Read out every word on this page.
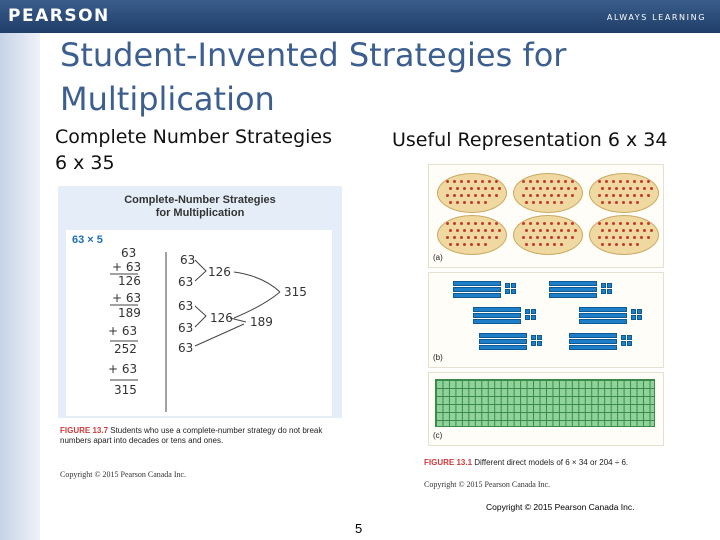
PEARSON	ALWAYS LEARNING
Student-Invented Strategies for Multiplication
Complete Number Strategies
6 x 35
Useful Representation 6 x 34
Complete-Number Strategies
for Multiplication
63 × 5
63
+ 63
126
+ 63
189
+ 63
252
+ 63
315
63
63
63
63
63
126
126 189
315
FIGURE 13.7 Students who use a complete-number strategy do not break numbers apart into decades or tens and ones.
Copyright © 2015 Pearson Canada Inc.
(a)
(b)
(c)
FIGURE 13.1 Different direct models of 6 × 34 or 204 ÷ 6.
Copyright © 2015 Pearson Canada Inc.
Copyright © 2015 Pearson Canada Inc.
5
